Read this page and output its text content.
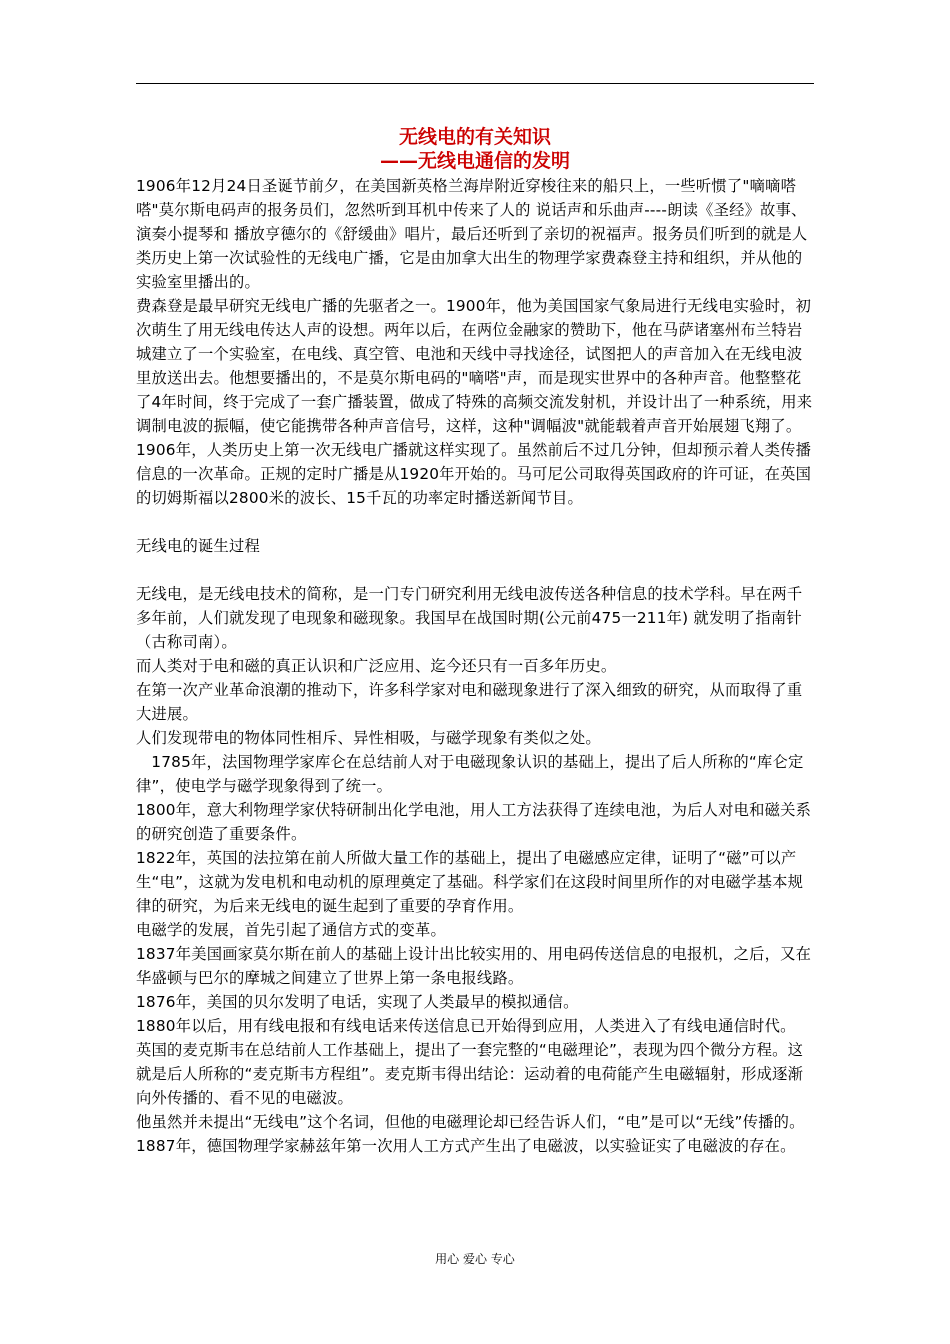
无线电的有关知识
——无线电通信的发明

1906年12月24日圣诞节前夕，在美国新英格兰海岸附近穿梭往来的船只上，一些听惯了"嘀嘀嗒嗒"莫尔斯电码声的报务员们，忽然听到耳机中传来了人的 说话声和乐曲声----朗读《圣经》故事、演奏小提琴和 播放亨德尔的《舒缓曲》唱片，最后还听到了亲切的祝福声。报务员们听到的就是人类历史上第一次试验性的无线电广播，它是由加拿大出生的物理学家费森登主持和组织，并从他的实验室里播出的。

费森登是最早研究无线电广播的先驱者之一。1900年，他为美国国家气象局进行无线电实验时，初次萌生了用无线电传达人声的设想。两年以后，在两位金融家的赞助下，他在马萨诸塞州布兰特岩城建立了一个实验室，在电线、真空管、电池和天线中寻找途径，试图把人的声音加入在无线电波里放送出去。他想要播出的，不是莫尔斯电码的"嘀嗒"声，而是现实世界中的各种声音。他整整花了4年时间，终于完成了一套广播装置，做成了特殊的高频交流发射机，并设计出了一种系统，用来调制电波的振幅，使它能携带各种声音信号，这样，这种"调幅波"就能载着声音开始展翅飞翔了。1906年，人类历史上第一次无线电广播就这样实现了。虽然前后不过几分钟，但却预示着人类传播信息的一次革命。正规的定时广播是从1920年开始的。马可尼公司取得英国政府的许可证，在英国的切姆斯福以2800米的波长、15千瓦的功率定时播送新闻节目。

无线电的诞生过程

无线电，是无线电技术的简称，是一门专门研究利用无线电波传送各种信息的技术学科。早在两千多年前，人们就发现了电现象和磁现象。我国早在战国时期(公元前475一211年) 就发明了指南针（古称司南）。

而人类对于电和磁的真正认识和广泛应用、迄今还只有一百多年历史。

在第一次产业革命浪潮的推动下，许多科学家对电和磁现象进行了深入细致的研究，从而取得了重大进展。

人们发现带电的物体同性相斥、异性相吸，与磁学现象有类似之处。

1785年，法国物理学家库仑在总结前人对于电磁现象认识的基础上，提出了后人所称的“库仑定律”，使电学与磁学现象得到了统一。

1800年，意大利物理学家伏特研制出化学电池，用人工方法获得了连续电池，为后人对电和磁关系的研究创造了重要条件。

1822年，英国的法拉第在前人所做大量工作的基础上，提出了电磁感应定律，证明了“磁”可以产生“电”，这就为发电机和电动机的原理奠定了基础。科学家们在这段时间里所作的对电磁学基本规律的研究，为后来无线电的诞生起到了重要的孕育作用。

电磁学的发展，首先引起了通信方式的变革。

1837年美国画家莫尔斯在前人的基础上设计出比较实用的、用电码传送信息的电报机，之后，又在华盛顿与巴尔的摩城之间建立了世界上第一条电报线路。

1876年，美国的贝尔发明了电话，实现了人类最早的模拟通信。

1880年以后，用有线电报和有线电话来传送信息已开始得到应用，人类进入了有线电通信时代。

英国的麦克斯韦在总结前人工作基础上，提出了一套完整的“电磁理论”，表现为四个微分方程。这就是后人所称的“麦克斯韦方程组”。麦克斯韦得出结论：运动着的电荷能产生电磁辐射，形成逐渐向外传播的、看不见的电磁波。

他虽然并未提出“无线电”这个名词，但他的电磁理论却已经告诉人们，“电”是可以“无线”传播的。

1887年，德国物理学家赫兹年第一次用人工方式产生出了电磁波，以实验证实了电磁波的存在。

用心 爱心 专心
